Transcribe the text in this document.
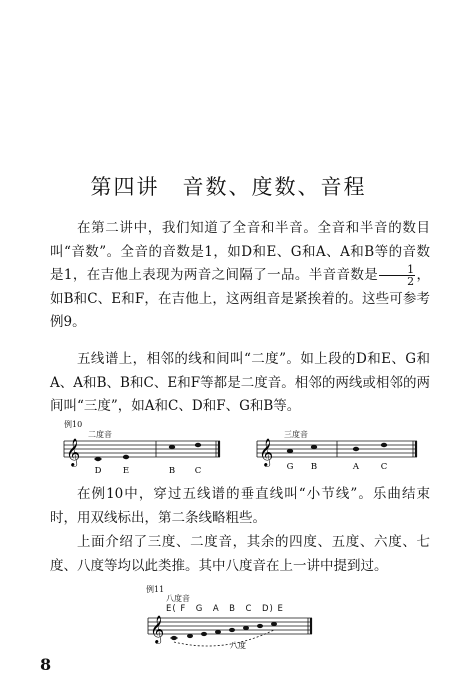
第四讲　音数、度数、音程

在第二讲中，我们知道了全音和半音。全音和半音的数目叫“音数”。全音的音数是1，如D和E、G和A、A和B等的音数是1，在吉他上表现为两音之间隔了一品。半音音数是 $\frac{1}{2}$ ，如B和C、E和F，在吉他上，这两组音是紧挨着的。这些可参考例9。

五线谱上，相邻的线和间叫“二度”。如上段的D和E、G和A、A和B、B和C、E和F等都是二度音。相邻的两线或相邻的两间叫“三度”，如A和C、D和F、G和B等。

例10
二度音	三度音
𝄞	𝄞
D	E	B C	G B	A	C

在例10中，穿过五线谱的垂直线叫“小节线”。乐曲结束时，用双线标出，第二条线略粗些。

上面介绍了三度、二度音，其余的四度、五度、六度、七度、八度等均以此类推。其中八度音在上一讲中提到过。

例11
八度音
E( F　G　A　B　C　D) E
𝄞
八度
8
